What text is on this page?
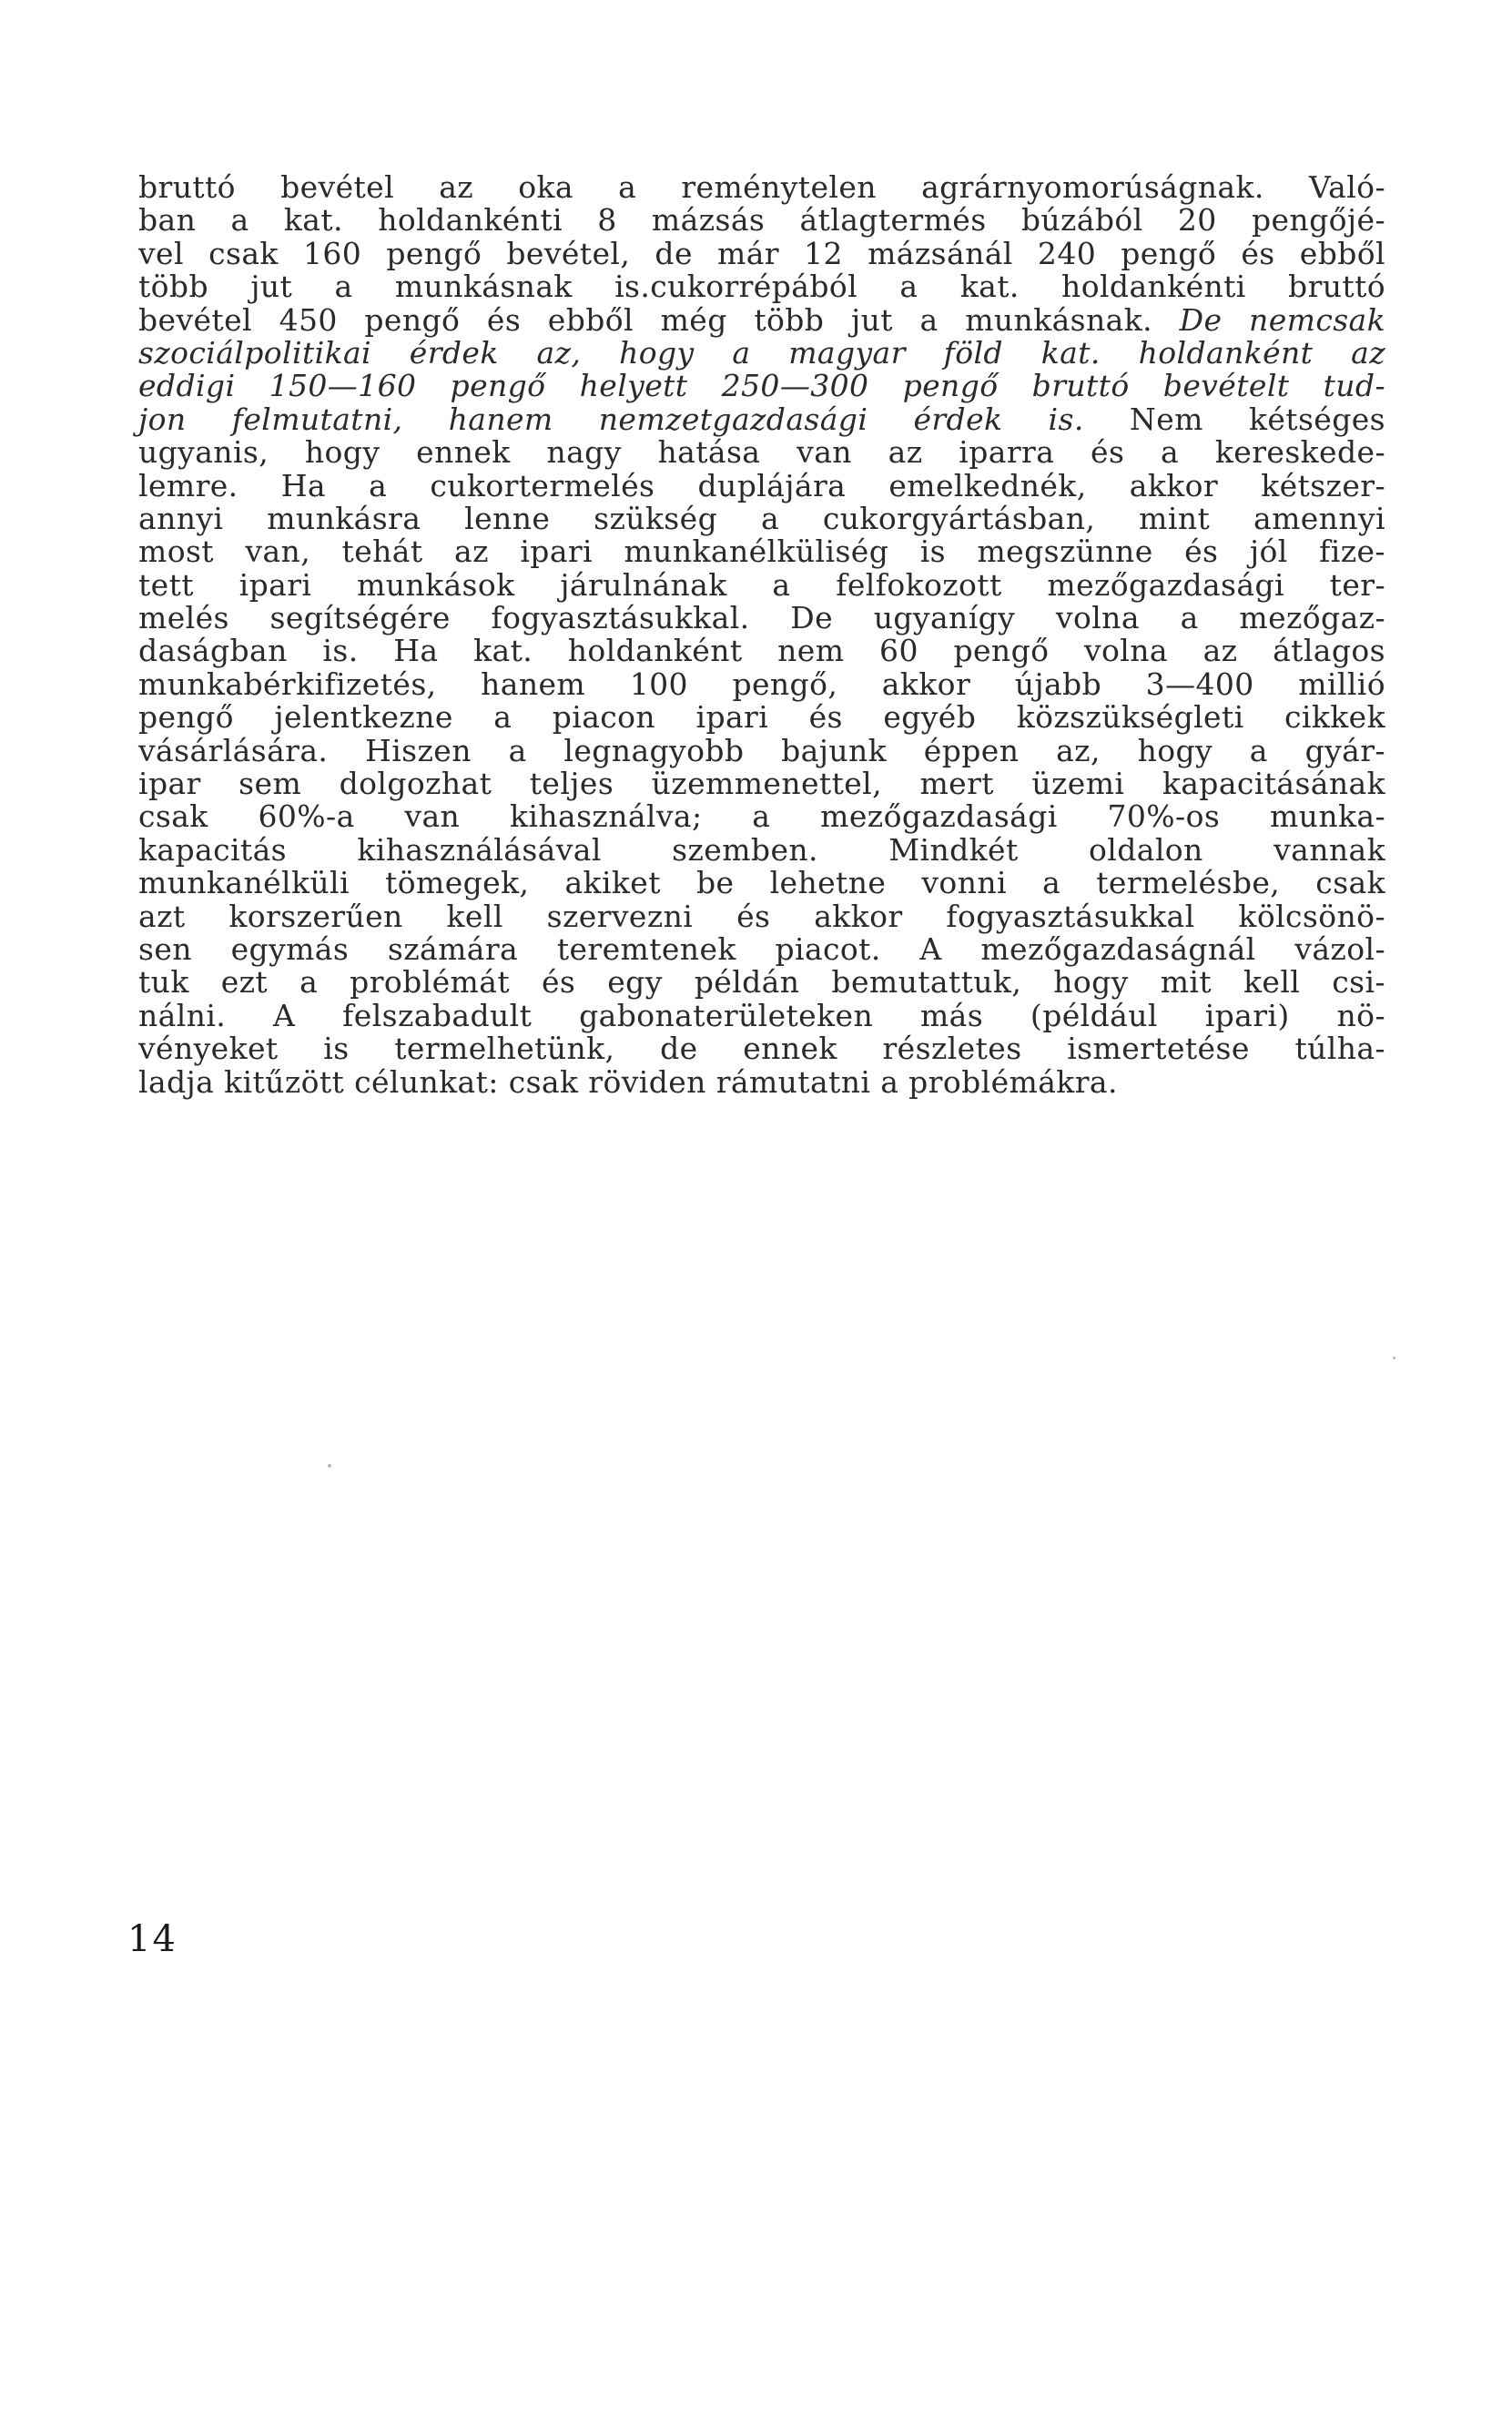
bruttó bevétel az oka a reménytelen agrárnyomorúságnak. Való-
ban a kat. holdankénti 8 mázsás átlagtermés búzából 20 pengőjé-
vel csak 160 pengő bevétel, de már 12 mázsánál 240 pengő és ebből
több jut a munkásnak is.cukorrépából a kat. holdankénti bruttó
bevétel 450 pengő és ebből még több jut a munkásnak. De nemcsak
szociálpolitikai érdek az, hogy a magyar föld kat. holdanként az
eddigi 150—160 pengő helyett 250—300 pengő bruttó bevételt tud-
jon felmutatni, hanem nemzetgazdasági érdek is. Nem kétséges
ugyanis, hogy ennek nagy hatása van az iparra és a kereskede-
lemre. Ha a cukortermelés duplájára emelkednék, akkor kétszer-
annyi munkásra lenne szükség a cukorgyártásban, mint amennyi
most van, tehát az ipari munkanélküliség is megszünne és jól fize-
tett ipari munkások járulnának a felfokozott mezőgazdasági ter-
melés segítségére fogyasztásukkal. De ugyanígy volna a mezőgaz-
daságban is. Ha kat. holdanként nem 60 pengő volna az átlagos
munkabérkifizetés, hanem 100 pengő, akkor újabb 3—400 millió
pengő jelentkezne a piacon ipari és egyéb közszükségleti cikkek
vásárlására. Hiszen a legnagyobb bajunk éppen az, hogy a gyár-
ipar sem dolgozhat teljes üzemmenettel, mert üzemi kapacitásának
csak 60%-a van kihasználva; a mezőgazdasági 70%-os munka-
kapacitás kihasználásával szemben. Mindkét oldalon vannak
munkanélküli tömegek, akiket be lehetne vonni a termelésbe, csak
azt korszerűen kell szervezni és akkor fogyasztásukkal kölcsönö-
sen egymás számára teremtenek piacot. A mezőgazdaságnál vázol-
tuk ezt a problémát és egy példán bemutattuk, hogy mit kell csi-
nálni. A felszabadult gabonaterületeken más (például ipari) nö-
vényeket is termelhetünk, de ennek részletes ismertetése túlha-
ladja kitűzött célunkat: csak röviden rámutatni a problémákra.
14
